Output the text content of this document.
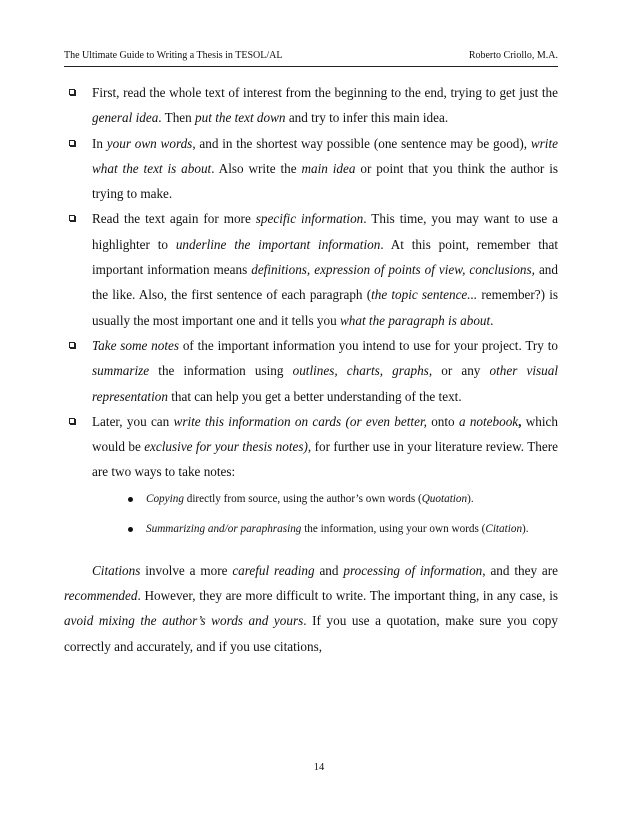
The Ultimate Guide to Writing a Thesis in TESOL/AL	Roberto Criollo, M.A.
First, read the whole text of interest from the beginning to the end, trying to get just the general idea. Then put the text down and try to infer this main idea.
In your own words, and in the shortest way possible (one sentence may be good), write what the text is about. Also write the main idea or point that you think the author is trying to make.
Read the text again for more specific information. This time, you may want to use a highlighter to underline the important information. At this point, remember that important information means definitions, expression of points of view, conclusions, and the like. Also, the first sentence of each paragraph (the topic sentence... remember?) is usually the most important one and it tells you what the paragraph is about.
Take some notes of the important information you intend to use for your project. Try to summarize the information using outlines, charts, graphs, or any other visual representation that can help you get a better understanding of the text.
Later, you can write this information on cards (or even better, onto a notebook, which would be exclusive for your thesis notes), for further use in your literature review. There are two ways to take notes:
Copying directly from source, using the author’s own words (Quotation).
Summarizing and/or paraphrasing the information, using your own words (Citation).

Citations involve a more careful reading and processing of information, and they are recommended. However, they are more difficult to write. The important thing, in any case, is avoid mixing the author’s words and yours. If you use a quotation, make sure you copy correctly and accurately, and if you use citations,

14
